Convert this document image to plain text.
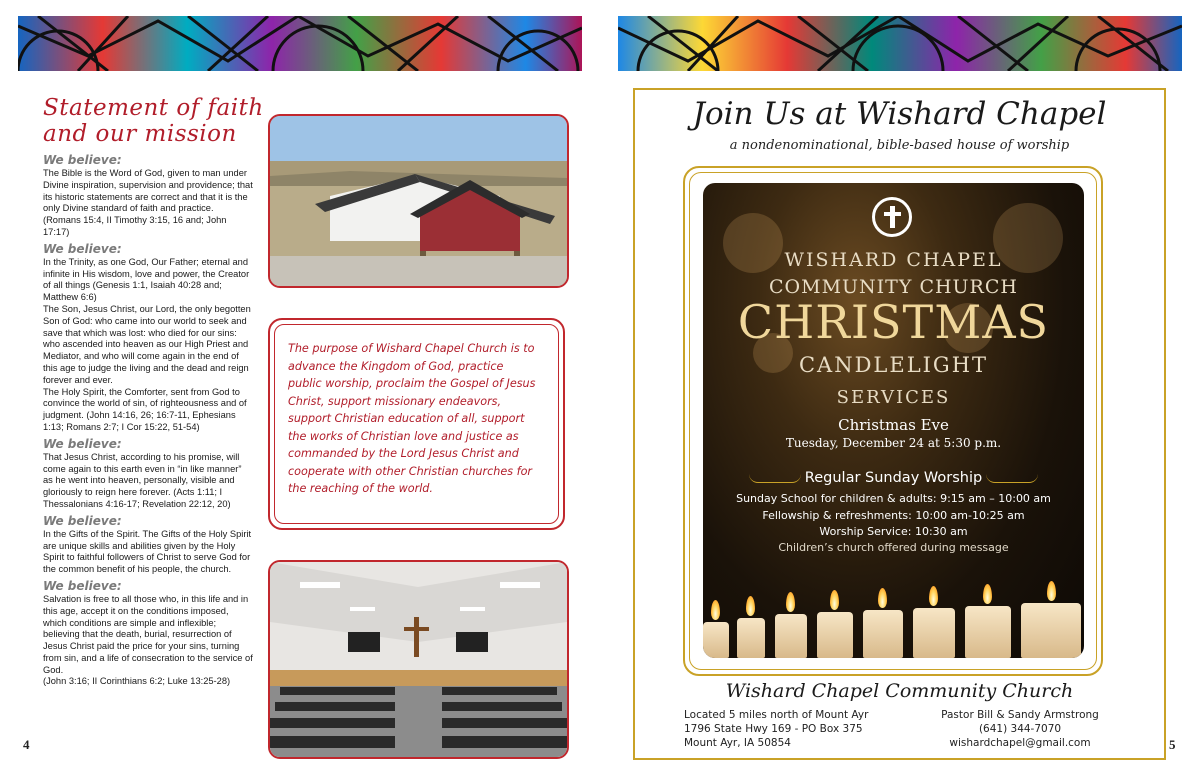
Statement of faith
and our mission
We believe:

The Bible is the Word of God, given to man under Divine inspiration, supervision and providence; that its historic statements are correct and that it is the only Divine standard of faith and practice. (Romans 15:4, II Timothy 3:15, 16 and; John 17:17)

We believe:

In the Trinity, as one God, Our Father; eternal and infinite in His wisdom, love and power, the Creator of all things (Genesis 1:1, Isaiah 40:28 and; Matthew 6:6)

The Son, Jesus Christ, our Lord, the only begotten Son of God: who came into our world to seek and save that which was lost: who died for our sins: who ascended into heaven as our High Priest and Mediator, and who will come again in the end of this age to judge the living and the dead and reign forever and ever.

The Holy Spirit, the Comforter, sent from God to convince the world of sin, of righteousness and of judgment. (John 14:16, 26; 16:7-11, Ephesians 1:13; Romans 2:7; I Cor 15:22, 51-54)

We believe:

That Jesus Christ, according to his promise, will come again to this earth even in “in like manner” as he went into heaven, personally, visible and gloriously to reign here forever. (Acts 1:11; I Thessalonians 4:16-17; Revelation 22:12, 20)

We believe:

In the Gifts of the Spirit. The Gifts of the Holy Spirit are unique skills and abilities given by the Holy Spirit to faithful followers of Christ to serve God for the common benefit of his people, the church.

We believe:

Salvation is free to all those who, in this life and in this age, accept it on the conditions imposed, which conditions are simple and inflexible; believing that the death, burial, resurrection of Jesus Christ paid the price for your sins, turning from sin, and a life of consecration to the service of God.

(John 3:16; II Corinthians 6:2; Luke 13:25-28)

The purpose of Wishard Chapel Church is to advance the Kingdom of God, practice public worship, proclaim the Gospel of Jesus Christ, support missionary endeavors, support Christian education of all, support the works of Christian love and justice as commanded by the Lord Jesus Christ and cooperate with other Christian churches for the reaching of the world.
4
Join Us at Wishard Chapel
a nondenominational, bible-based house of worship
WISHARD CHAPEL
COMMUNITY CHURCH
CHRISTMAS
CANDLELIGHT
SERVICES
Christmas Eve
Tuesday, December 24 at 5:30 p.m.
Regular Sunday Worship
Sunday School for children & adults: 9:15 am – 10:00 am
Fellowship & refreshments: 10:00 am-10:25 am
Worship Service: 10:30 am
Children’s church offered during message
Wishard Chapel Community Church
Located 5 miles north of Mount Ayr
1796 State Hwy 169 - PO Box 375
Mount Ayr, IA 50854
Pastor Bill & Sandy Armstrong
(641) 344-7070
wishardchapel@gmail.com	5
